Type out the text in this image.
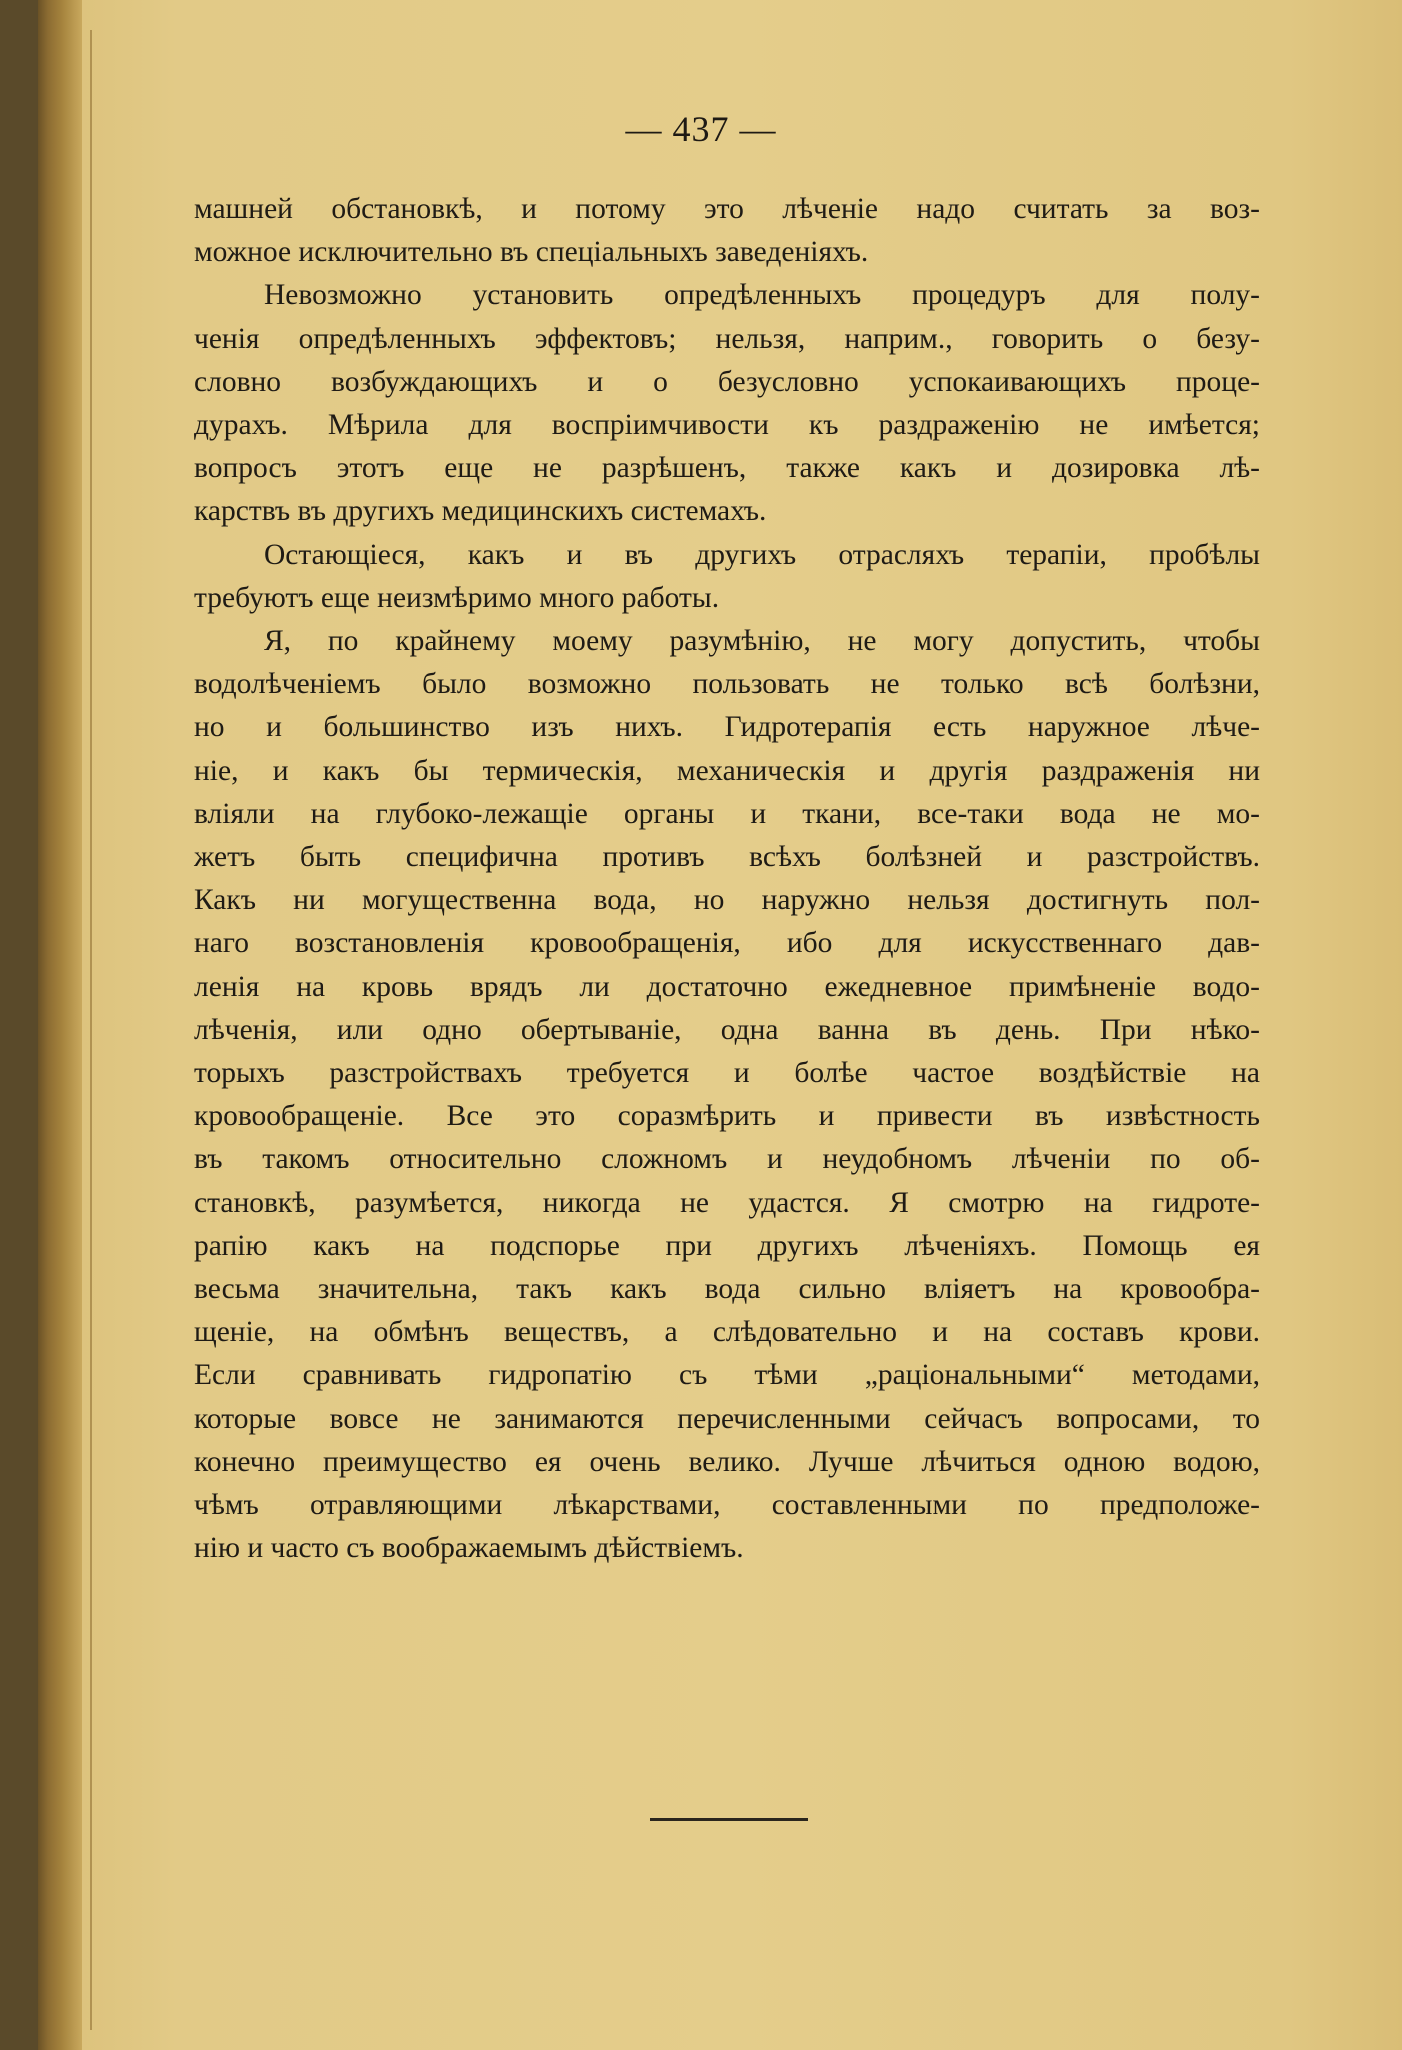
— 437 —
машней обстановкѣ, и потому это лѣченіе надо считать за воз-
можное исключительно въ спеціальныхъ заведеніяхъ.
Невозможно установить опредѣленныхъ процедуръ для полу-
ченія опредѣленныхъ эффектовъ; нельзя, наприм., говорить о безу-
словно возбуждающихъ и о безусловно успокаивающихъ проце-
дурахъ. Мѣрила для воспріимчивости къ раздраженію не имѣется;
вопросъ этотъ еще не разрѣшенъ, также какъ и дозировка лѣ-
карствъ въ другихъ медицинскихъ системахъ.
Остающіеся, какъ и въ другихъ отрасляхъ терапіи, пробѣлы
требуютъ еще неизмѣримо много работы.
Я, по крайнему моему разумѣнію, не могу допустить, чтобы
водолѣченіемъ было возможно пользовать не только всѣ болѣзни,
но и большинство изъ нихъ. Гидротерапія есть наружное лѣче-
ніе, и какъ бы термическія, механическія и другія раздраженія ни
вліяли на глубоко-лежащіе органы и ткани, все-таки вода не мо-
жетъ быть специфична противъ всѣхъ болѣзней и разстройствъ.
Какъ ни могущественна вода, но наружно нельзя достигнуть пол-
наго возстановленія кровообращенія, ибо для искусственнаго дав-
ленія на кровь врядъ ли достаточно ежедневное примѣненіе водо-
лѣченія, или одно обертываніе, одна ванна въ день. При нѣко-
торыхъ разстройствахъ требуется и болѣе частое воздѣйствіе на
кровообращеніе. Все это соразмѣрить и привести въ извѣстность
въ такомъ относительно сложномъ и неудобномъ лѣченіи по об-
становкѣ, разумѣется, никогда не удастся. Я смотрю на гидроте-
рапію какъ на подспорье при другихъ лѣченіяхъ. Помощь ея
весьма значительна, такъ какъ вода сильно вліяетъ на кровообра-
щеніе, на обмѣнъ веществъ, а слѣдовательно и на составъ крови.
Если сравнивать гидропатію съ тѣми „раціональными“ методами,
которые вовсе не занимаются перечисленными сейчасъ вопросами, то
конечно преимущество ея очень велико. Лучше лѣчиться одною водою,
чѣмъ отравляющими лѣкарствами, составленными по предположе-
нію и часто съ воображаемымъ дѣйствіемъ.
